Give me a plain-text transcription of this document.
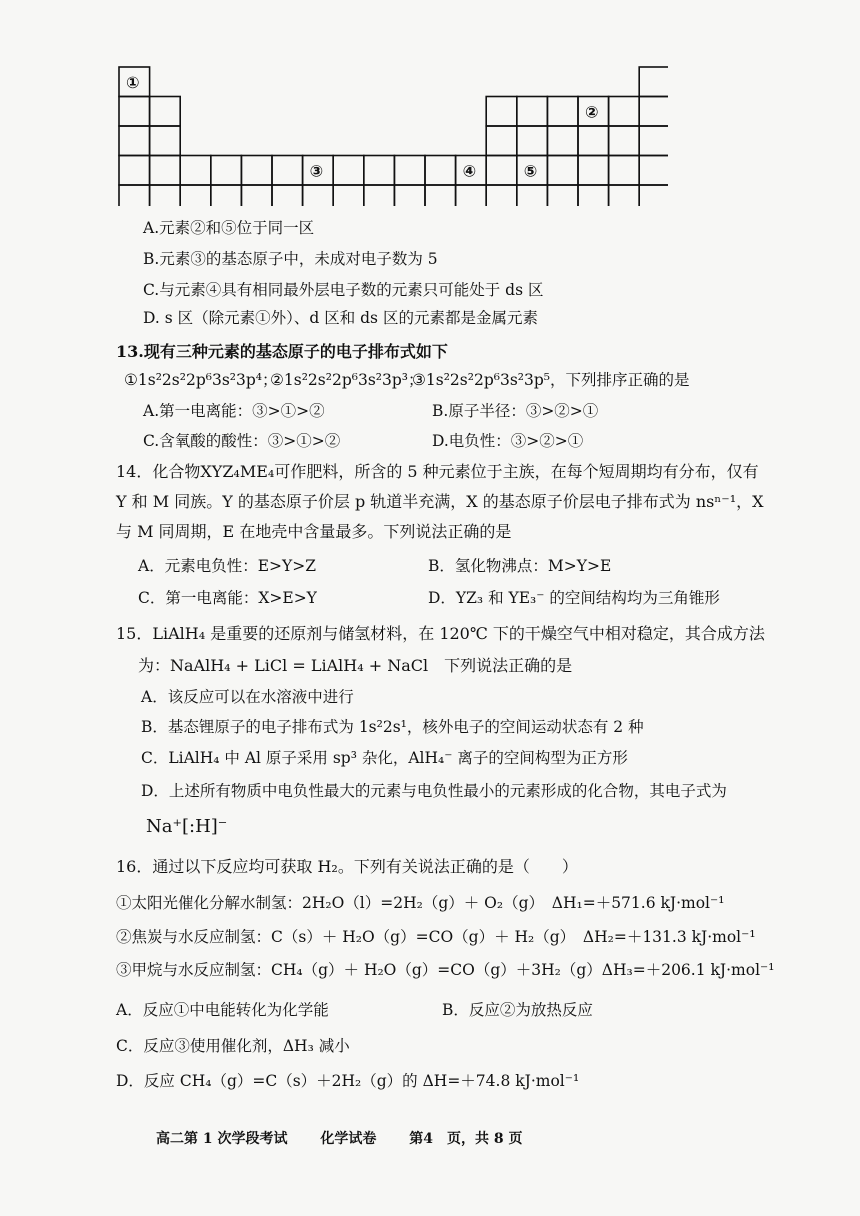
①
②
③	④	⑤
A.元素②和⑤位于同一区
B.元素③的基态原子中，未成对电子数为 5
C.与元素④具有相同最外层电子数的元素只可能处于 ds 区
D. s 区（除元素①外）、d 区和 ds 区的元素都是金属元素
13.现有三种元素的基态原子的电子排布式如下
①1s²2s²2p⁶3s²3p⁴；
②1s²2s²2p⁶3s²3p³；
③1s²2s²2p⁶3s²3p⁵，下列排序正确的是
A.第一电离能：③>①>②	B.原子半径：③>②>①
C.含氧酸的酸性：③>①>②	D.电负性：③>②>①
14．化合物XYZ₄ME₄可作肥料，所含的 5 种元素位于主族，在每个短周期均有分布，仅有
Y 和 M 同族。Y 的基态原子价层 p 轨道半充满，X 的基态原子价层电子排布式为 nsⁿ⁻¹，X
与 M 同周期，E 在地壳中含量最多。下列说法正确的是
A．元素电负性：E>Y>Z	B．氢化物沸点：M>Y>E
C．第一电离能：X>E>Y	D．YZ₃ 和 YE₃⁻ 的空间结构均为三角锥形
15．LiAlH₄ 是重要的还原剂与储氢材料，在 120℃ 下的干燥空气中相对稳定，其合成方法
为：NaAlH₄ + LiCl = LiAlH₄ + NaCl　下列说法正确的是
A．该反应可以在水溶液中进行
B．基态锂原子的电子排布式为 1s²2s¹，核外电子的空间运动状态有 2 种
C．LiAlH₄ 中 Al 原子采用 sp³ 杂化，AlH₄⁻ 离子的空间构型为正方形
D．上述所有物质中电负性最大的元素与电负性最小的元素形成的化合物，其电子式为
Na⁺[:H]⁻
16．通过以下反应均可获取 H₂。下列有关说法正确的是（　　）
①太阳光催化分解水制氢：2H₂O（l）=2H₂（g）＋ O₂（g）　ΔH₁=＋571.6 kJ·mol⁻¹
②焦炭与水反应制氢：C（s）＋ H₂O（g）=CO（g）＋ H₂（g）　ΔH₂=＋131.3 kJ·mol⁻¹
③甲烷与水反应制氢：CH₄（g）＋ H₂O（g）=CO（g）＋3H₂（g）ΔH₃=＋206.1 kJ·mol⁻¹
A．反应①中电能转化为化学能	B．反应②为放热反应
C．反应③使用催化剂，ΔH₃ 减小
D．反应 CH₄（g）=C（s）＋2H₂（g）的 ΔH=＋74.8 kJ·mol⁻¹
高二第 1 次学段考试 化学试卷 第4　页，共 8 页
